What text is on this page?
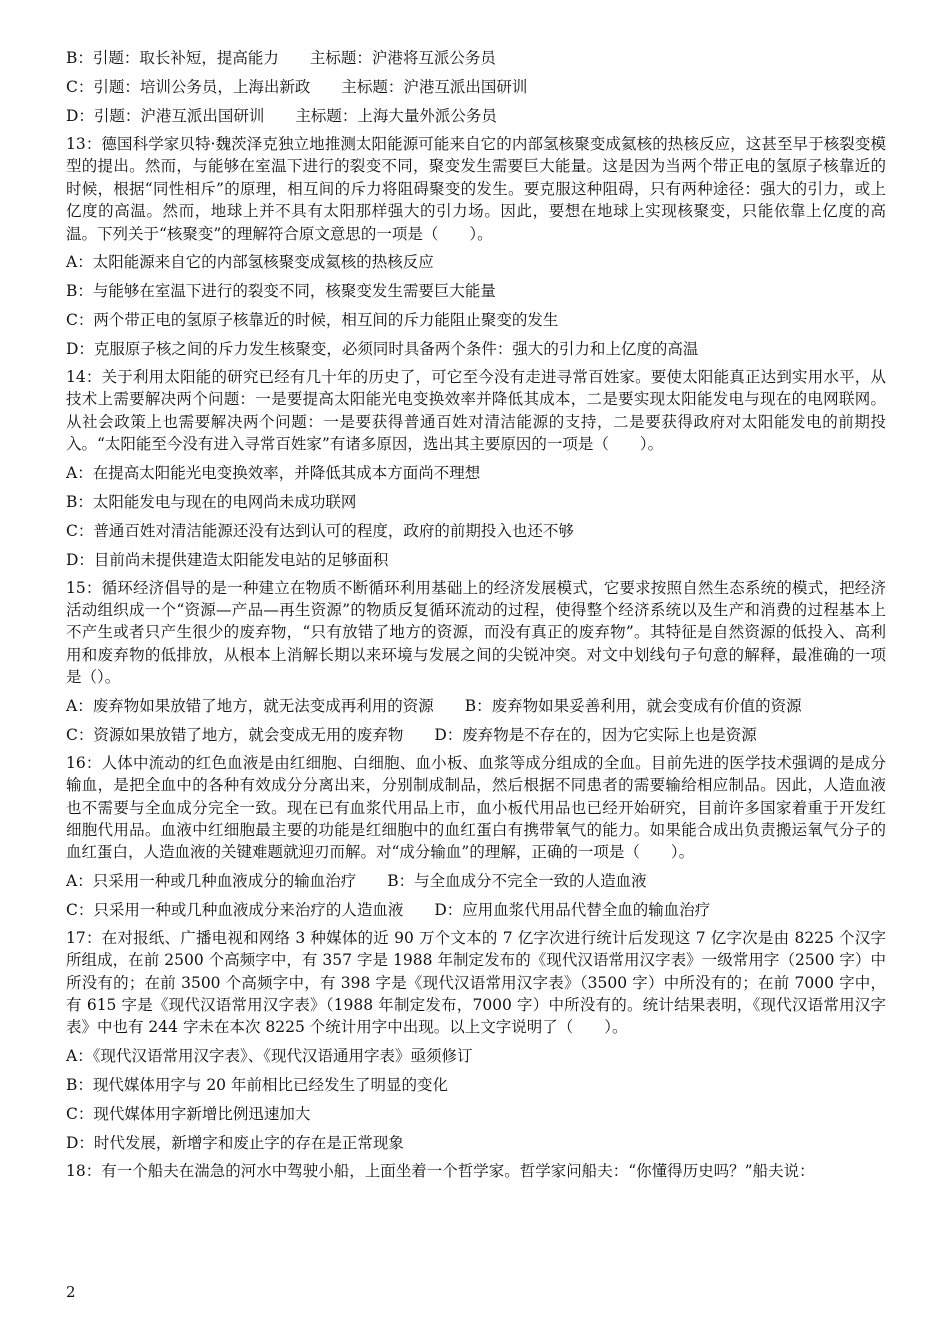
B：引题：取长补短，提高能力　　主标题：沪港将互派公务员
C：引题：培训公务员，上海出新政　　主标题：沪港互派出国研训
D：引题：沪港互派出国研训　　主标题：上海大量外派公务员
13：德国科学家贝特·魏茨泽克独立地推测太阳能源可能来自它的内部氢核聚变成氦核的热核反应，这甚至早于核裂变模型的提出。然而，与能够在室温下进行的裂变不同，聚变发生需要巨大能量。这是因为当两个带正电的氢原子核靠近的时候，根据“同性相斥”的原理，相互间的斥力将阻碍聚变的发生。要克服这种阻碍，只有两种途径：强大的引力，或上亿度的高温。然而，地球上并不具有太阳那样强大的引力场。因此，要想在地球上实现核聚变，只能依靠上亿度的高温。下列关于“核聚变”的理解符合原文意思的一项是（　　）。
A：太阳能源来自它的内部氢核聚变成氦核的热核反应
B：与能够在室温下进行的裂变不同，核聚变发生需要巨大能量
C：两个带正电的氢原子核靠近的时候，相互间的斥力能阻止聚变的发生
D：克服原子核之间的斥力发生核聚变，必须同时具备两个条件：强大的引力和上亿度的高温
14：关于利用太阳能的研究已经有几十年的历史了，可它至今没有走进寻常百姓家。要使太阳能真正达到实用水平，从技术上需要解决两个问题：一是要提高太阳能光电变换效率并降低其成本，二是要实现太阳能发电与现在的电网联网。从社会政策上也需要解决两个问题：一是要获得普通百姓对清洁能源的支持，二是要获得政府对太阳能发电的前期投入。“太阳能至今没有进入寻常百姓家”有诸多原因，选出其主要原因的一项是（　　）。
A：在提高太阳能光电变换效率，并降低其成本方面尚不理想
B：太阳能发电与现在的电网尚未成功联网
C：普通百姓对清洁能源还没有达到认可的程度，政府的前期投入也还不够
D：目前尚未提供建造太阳能发电站的足够面积
15：循环经济倡导的是一种建立在物质不断循环利用基础上的经济发展模式，它要求按照自然生态系统的模式，把经济活动组织成一个“资源—产品—再生资源”的物质反复循环流动的过程，使得整个经济系统以及生产和消费的过程基本上不产生或者只产生很少的废弃物，“只有放错了地方的资源，而没有真正的废弃物”。其特征是自然资源的低投入、高利用和废弃物的低排放，从根本上消解长期以来环境与发展之间的尖锐冲突。对文中划线句子句意的解释，最准确的一项是（）。
A：废弃物如果放错了地方，就无法变成再利用的资源　　B：废弃物如果妥善利用，就会变成有价值的资源
C：资源如果放错了地方，就会变成无用的废弃物　　D：废弃物是不存在的，因为它实际上也是资源
16：人体中流动的红色血液是由红细胞、白细胞、血小板、血浆等成分组成的全血。目前先进的医学技术强调的是成分输血，是把全血中的各种有效成分分离出来，分别制成制品，然后根据不同患者的需要输给相应制品。因此，人造血液也不需要与全血成分完全一致。现在已有血浆代用品上市，血小板代用品也已经开始研究，目前许多国家着重于开发红细胞代用品。血液中红细胞最主要的功能是红细胞中的血红蛋白有携带氧气的能力。如果能合成出负责搬运氧气分子的血红蛋白，人造血液的关键难题就迎刃而解。对“成分输血”的理解，正确的一项是（　　）。
A：只采用一种或几种血液成分的输血治疗　　B：与全血成分不完全一致的人造血液
C：只采用一种或几种血液成分来治疗的人造血液　　D：应用血浆代用品代替全血的输血治疗
17：在对报纸、广播电视和网络 3 种媒体的近 90 万个文本的 7 亿字次进行统计后发现这 7 亿字次是由 8225 个汉字所组成，在前 2500 个高频字中，有 357 字是 1988 年制定发布的《现代汉语常用汉字表》一级常用字（2500 字）中所没有的；在前 3500 个高频字中，有 398 字是《现代汉语常用汉字表》（3500 字）中所没有的；在前 7000 字中，有 615 字是《现代汉语常用汉字表》（1988 年制定发布，7000 字）中所没有的。统计结果表明，《现代汉语常用汉字表》中也有 244 字未在本次 8225 个统计用字中出现。以上文字说明了（　　）。
A：《现代汉语常用汉字表》、《现代汉语通用字表》亟须修订
B：现代媒体用字与 20 年前相比已经发生了明显的变化
C：现代媒体用字新增比例迅速加大
D：时代发展，新增字和废止字的存在是正常现象
18：有一个船夫在湍急的河水中驾驶小船，上面坐着一个哲学家。哲学家问船夫：“你懂得历史吗？”船夫说：
2
